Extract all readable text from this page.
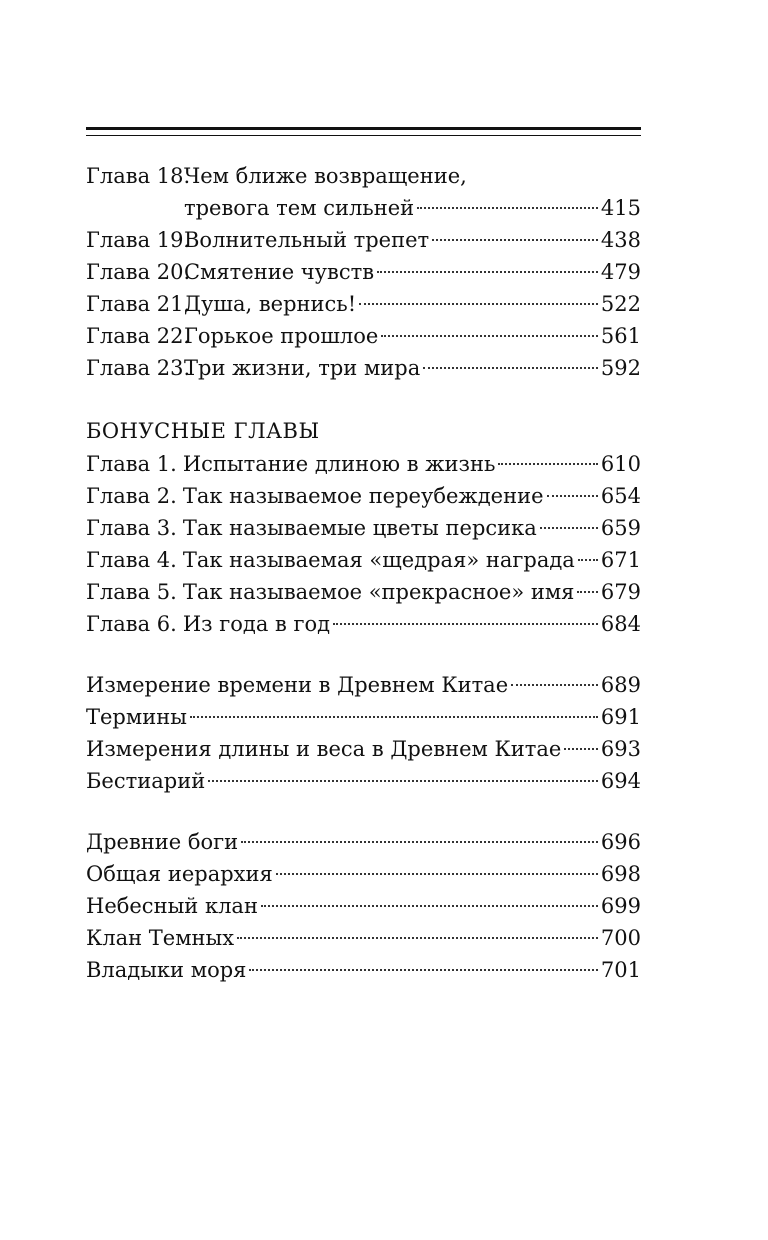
Глава 18.Чем ближе возвращение,
тревога тем сильней	415
Глава 19.Волнительный трепет	438
Глава 20.Смятение чувств	479
Глава 21.Душа, вернись!	522
Глава 22.Горькое прошлое	561
Глава 23.Три жизни, три мира	592
БОНУСНЫЕ ГЛАВЫ
Глава 1. Испытание длиною в жизнь	610
Глава 2. Так называемое переубеждение	654
Глава 3. Так называемые цветы персика	659
Глава 4. Так называемая «щедрая» награда 671
Глава 5. Так называемое «прекрасное» имя 679
Глава 6. Из года в год	684
Измерение времени в Древнем Китае	689
Термины	691
Измерения длины и веса в Древнем Китае 693
Бестиарий	694
Древние боги	696
Общая иерархия	698
Небесный клан	699
Клан Темных	700
Владыки моря	701
